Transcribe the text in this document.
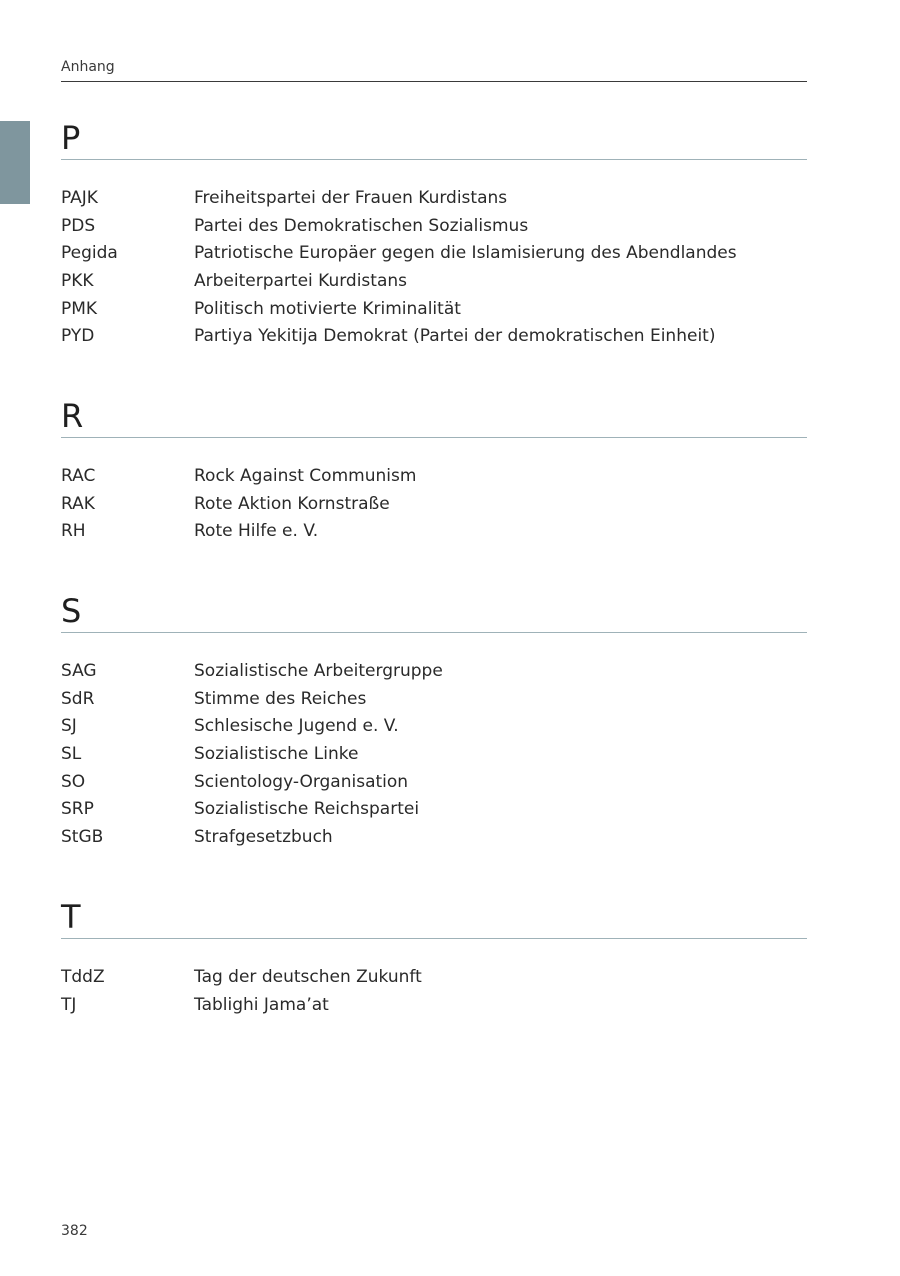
Anhang
P
PAJK	Freiheitspartei der Frauen Kurdistans
PDS	Partei des Demokratischen Sozialismus
Pegida	Patriotische Europäer gegen die Islamisierung des Abendlandes
PKK	Arbeiterpartei Kurdistans
PMK	Politisch motivierte Kriminalität
PYD	Partiya Yekitija Demokrat (Partei der demokratischen Einheit)
R
RAC	Rock Against Communism
RAK	Rote Aktion Kornstraße
RH	Rote Hilfe e. V.
S
SAG	Sozialistische Arbeitergruppe
SdR	Stimme des Reiches
SJ	Schlesische Jugend e. V.
SL	Sozialistische Linke
SO	Scientology-Organisation
SRP	Sozialistische Reichspartei
StGB	Strafgesetzbuch
T
TddZ	Tag der deutschen Zukunft
TJ	Tablighi Jama’at
382
